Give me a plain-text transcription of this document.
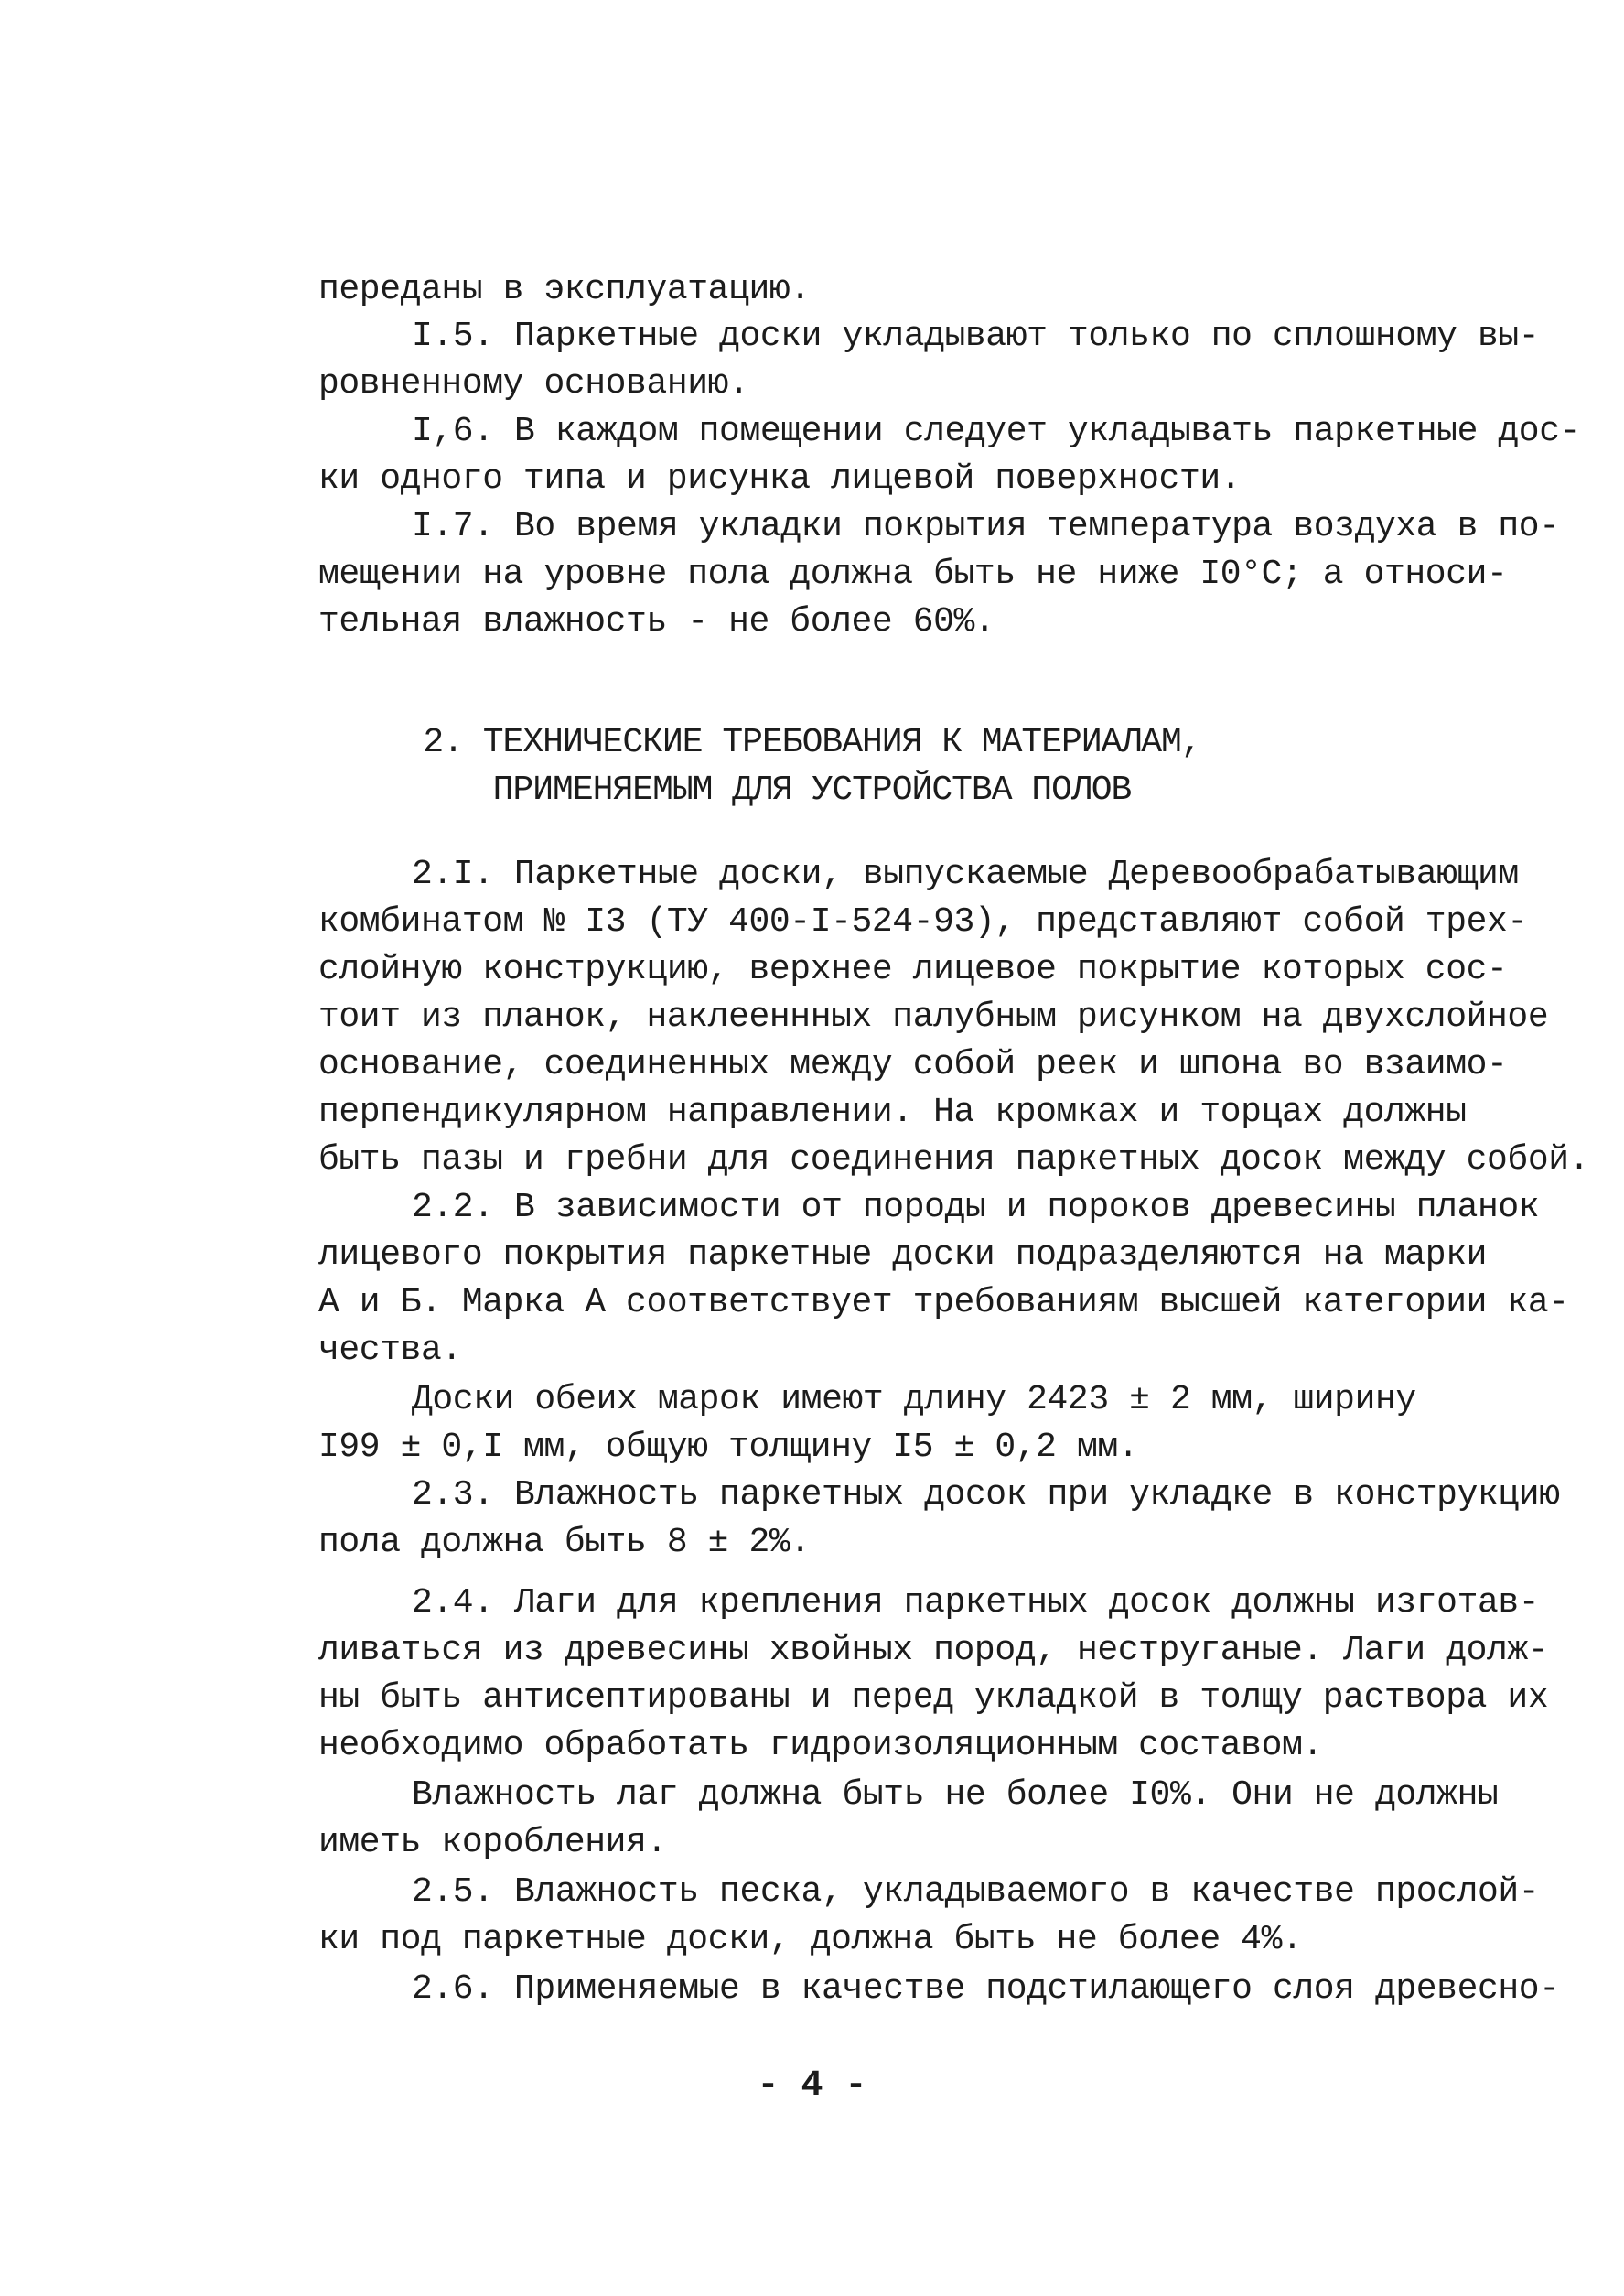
переданы в эксплуатацию.

I.5. Паркетные доски укладывают только по сплошному вы-

ровненному основанию.

I,6. В каждом помещении следует укладывать паркетные дос-

ки одного типа и рисунка лицевой поверхности.

I.7. Во время укладки покрытия температура воздуха в по-

мещении на уровне пола должна быть не ниже I0°С; а относи-

тельная влажность - не более 60%.

2. ТЕХНИЧЕСКИЕ ТРЕБОВАНИЯ К МАТЕРИАЛАМ,

ПРИМЕНЯЕМЫМ ДЛЯ УСТРОЙСТВА ПОЛОВ

2.I. Паркетные доски, выпускаемые Деревообрабатывающим

комбинатом № I3 (ТУ 400-I-524-93), представляют собой трех-

слойную конструкцию, верхнее лицевое покрытие которых сос-

тоит из планок, наклееннных палубным рисунком на двухслойное

основание, соединенных между собой реек и шпона во взаимо-

перпендикулярном направлении. На кромках и торцах должны

быть пазы и гребни для соединения паркетных досок между собой.

2.2. В зависимости от породы и пороков древесины планок

лицевого покрытия паркетные доски подразделяются на марки

А и Б. Марка А соответствует требованиям высшей категории ка-

чества.

Доски обеих марок имеют длину 2423 ± 2 мм, ширину

I99 ± 0,I мм, общую толщину I5 ± 0,2 мм.

2.3. Влажность паркетных досок при укладке в конструкцию

пола должна быть 8 ± 2%.

2.4. Лаги для крепления паркетных досок должны изготав-

ливаться из древесины хвойных пород, неструганые. Лаги долж-

ны быть антисептированы и перед укладкой в толщу раствора их

необходимо обработать гидроизоляционным составом.

Влажность лаг должна быть не более I0%. Они не должны

иметь коробления.

2.5. Влажность песка, укладываемого в качестве прослой-

ки под паркетные доски, должна быть не более 4%.

2.6. Применяемые в качестве подстилающего слоя древесно-

- 4 -
